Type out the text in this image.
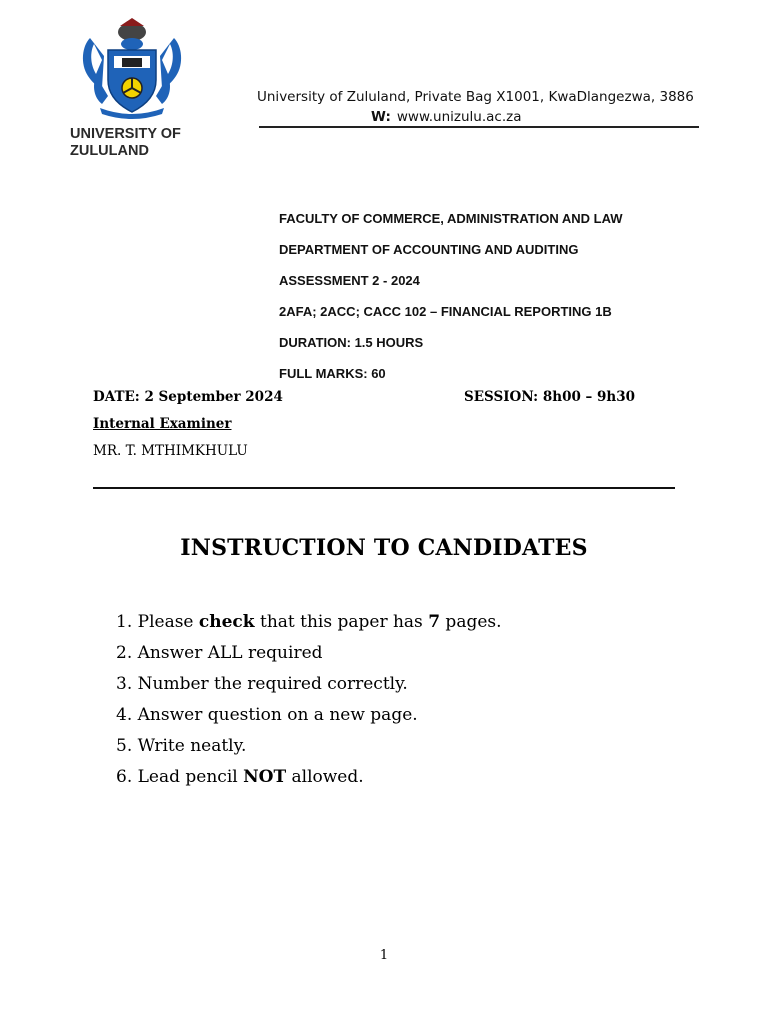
UNIVERSITY OF
ZULULAND
University of Zululand, Private Bag X1001, KwaDlangezwa, 3886
W: www.unizulu.ac.za
FACULTY OF COMMERCE, ADMINISTRATION AND LAW
DEPARTMENT OF ACCOUNTING AND AUDITING
ASSESSMENT 2 - 2024
2AFA; 2ACC; CACC 102 – FINANCIAL REPORTING 1B
DURATION: 1.5 HOURS
FULL MARKS: 60
DATE: 2 September 2024	SESSION: 8h00 – 9h30
Internal Examiner
MR. T. MTHIMKHULU
INSTRUCTION TO CANDIDATES
1. Please check that this paper has 7 pages.
2. Answer ALL required
3. Number the required correctly.
4. Answer question on a new page.
5. Write neatly.
6. Lead pencil NOT allowed.
1
